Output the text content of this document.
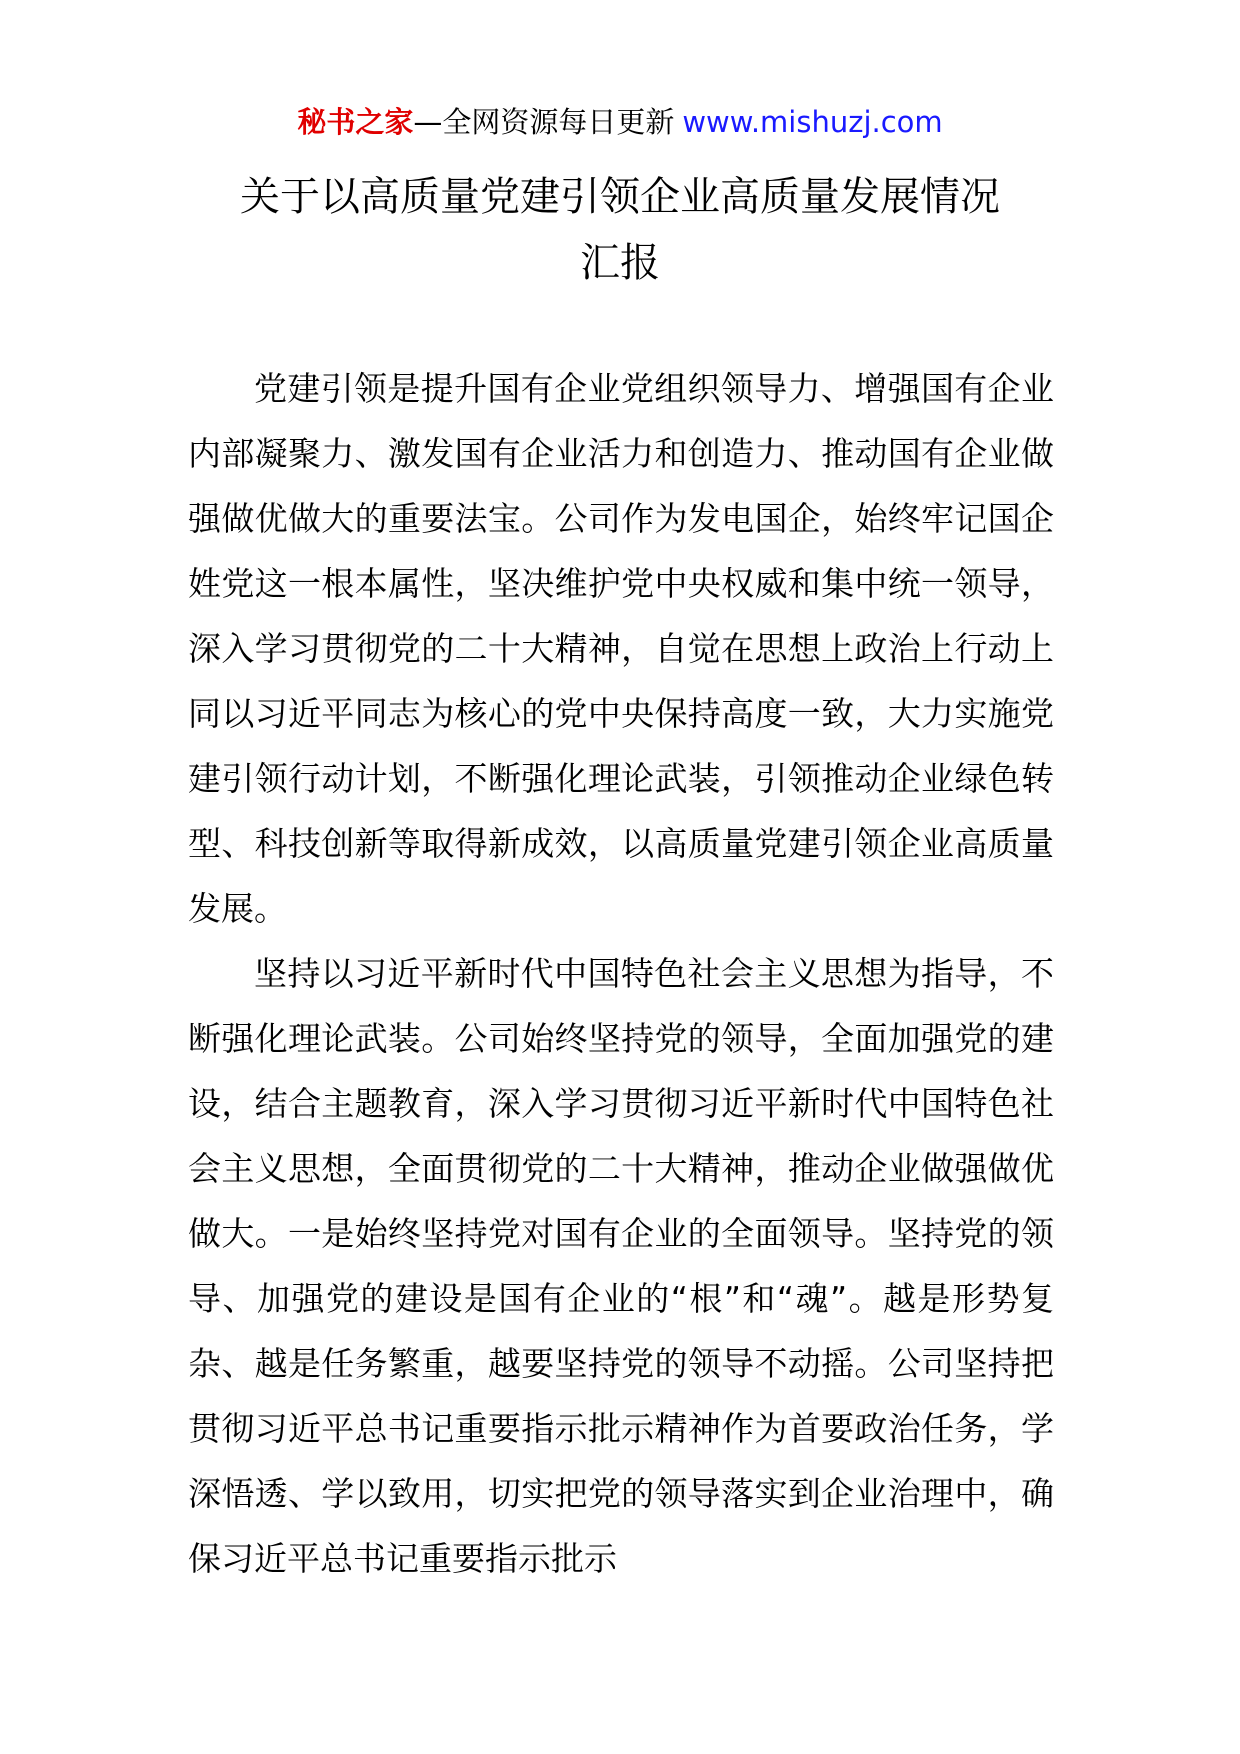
秘书之家—全网资源每日更新 www.mishuzj.com
关于以高质量党建引领企业高质量发展情况
汇报

党建引领是提升国有企业党组织领导力、增强国有企业内部凝聚力、激发国有企业活力和创造力、推动国有企业做强做优做大的重要法宝。公司作为发电国企，始终牢记国企姓党这一根本属性，坚决维护党中央权威和集中统一领导，深入学习贯彻党的二十大精神，自觉在思想上政治上行动上同以习近平同志为核心的党中央保持高度一致，大力实施党建引领行动计划，不断强化理论武装，引领推动企业绿色转型、科技创新等取得新成效，以高质量党建引领企业高质量发展。

坚持以习近平新时代中国特色社会主义思想为指导，不断强化理论武装。公司始终坚持党的领导，全面加强党的建设，结合主题教育，深入学习贯彻习近平新时代中国特色社会主义思想，全面贯彻党的二十大精神，推动企业做强做优做大。一是始终坚持党对国有企业的全面领导。坚持党的领导、加强党的建设是国有企业的“根”和“魂”。越是形势复杂、越是任务繁重，越要坚持党的领导不动摇。公司坚持把贯彻习近平总书记重要指示批示精神作为首要政治任务，学深悟透、学以致用，切实把党的领导落实到企业治理中，确保习近平总书记重要指示批示
